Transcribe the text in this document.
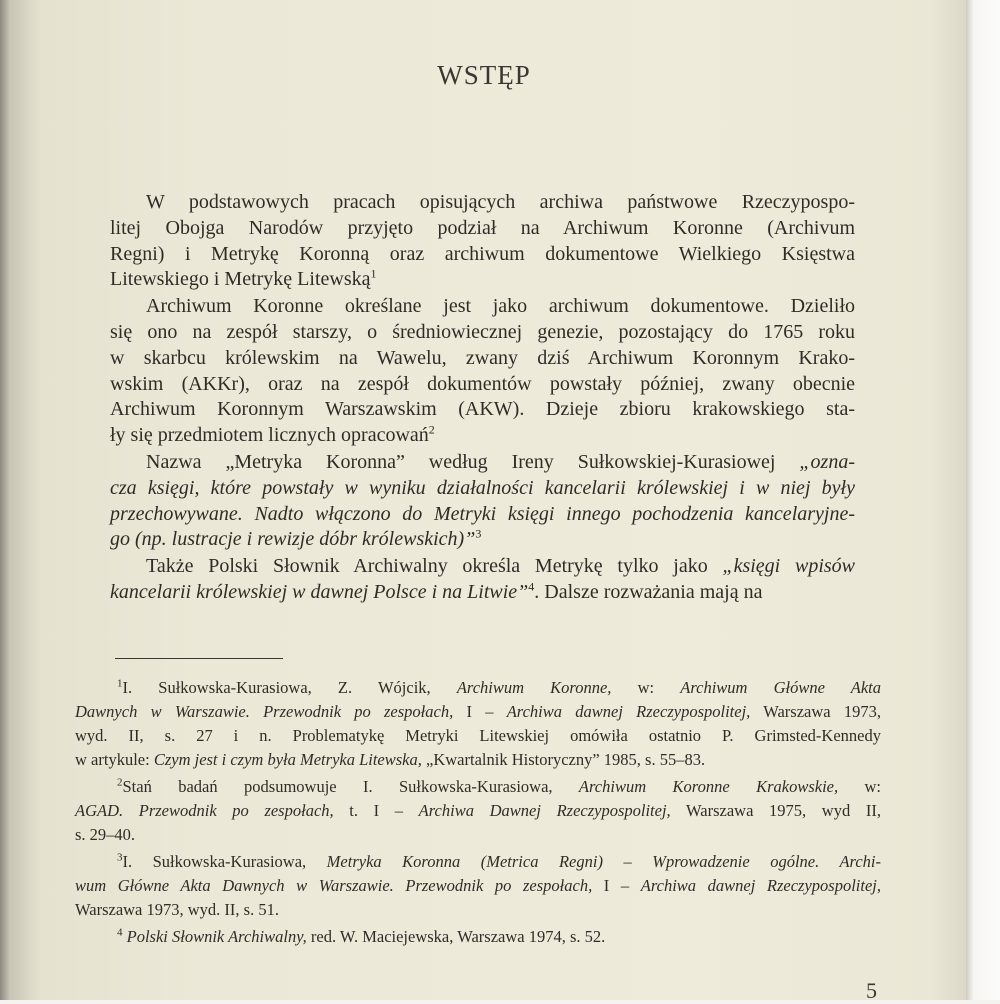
WSTĘP
W podstawowych pracach opisujących archiwa państwowe Rzeczypospo-
litej Obojga Narodów przyjęto podział na Archiwum Koronne (Archivum
Regni) i Metrykę Koronną oraz archiwum dokumentowe Wielkiego Księstwa
Litewskiego i Metrykę Litewską$^1$
Archiwum Koronne określane jest jako archiwum dokumentowe. Dzieliło
się ono na zespół starszy, o średniowiecznej genezie, pozostający do 1765 roku
w skarbcu królewskim na Wawelu, zwany dziś Archiwum Koronnym Krako-
wskim (AKKr), oraz na zespół dokumentów powstały później, zwany obecnie
Archiwum Koronnym Warszawskim (AKW). Dzieje zbioru krakowskiego sta-
ły się przedmiotem licznych opracowań$^2$
Nazwa „Metryka Koronna” według Ireny Sułkowskiej-Kurasiowej „ozna-
cza księgi, które powstały w wyniku działalności kancelarii królewskiej i w niej były
przechowywane. Nadto włączono do Metryki księgi innego pochodzenia kancelaryjne-
go (np. lustracje i rewizje dóbr królewskich)”$^3$
Także Polski Słownik Archiwalny określa Metrykę tylko jako „księgi wpisów
kancelarii królewskiej w dawnej Polsce i na Litwie”$^4$. Dalsze rozważania mają na
$^1$I. Sułkowska-Kurasiowa, Z. Wójcik, Archiwum Koronne, w: Archiwum Główne Akta
Dawnych w Warszawie. Przewodnik po zespołach, I – Archiwa dawnej Rzeczypospolitej, Warszawa 1973,
wyd. II, s. 27 i n. Problematykę Metryki Litewskiej omówiła ostatnio P. Grimsted-Kennedy
w artykule: Czym jest i czym była Metryka Litewska, „Kwartalnik Historyczny” 1985, s. 55–83.
$^2$Stań badań podsumowuje I. Sułkowska-Kurasiowa, Archiwum Koronne Krakowskie, w:
AGAD. Przewodnik po zespołach, t. I – Archiwa Dawnej Rzeczypospolitej, Warszawa 1975, wyd II,
s. 29–40.
$^3$I. Sułkowska-Kurasiowa, Metryka Koronna (Metrica Regni) – Wprowadzenie ogólne. Archi-
wum Główne Akta Dawnych w Warszawie. Przewodnik po zespołach, I – Archiwa dawnej Rzeczypospolitej,
Warszawa 1973, wyd. II, s. 51.
$^4$ Polski Słownik Archiwalny, red. W. Maciejewska, Warszawa 1974, s. 52.
5
